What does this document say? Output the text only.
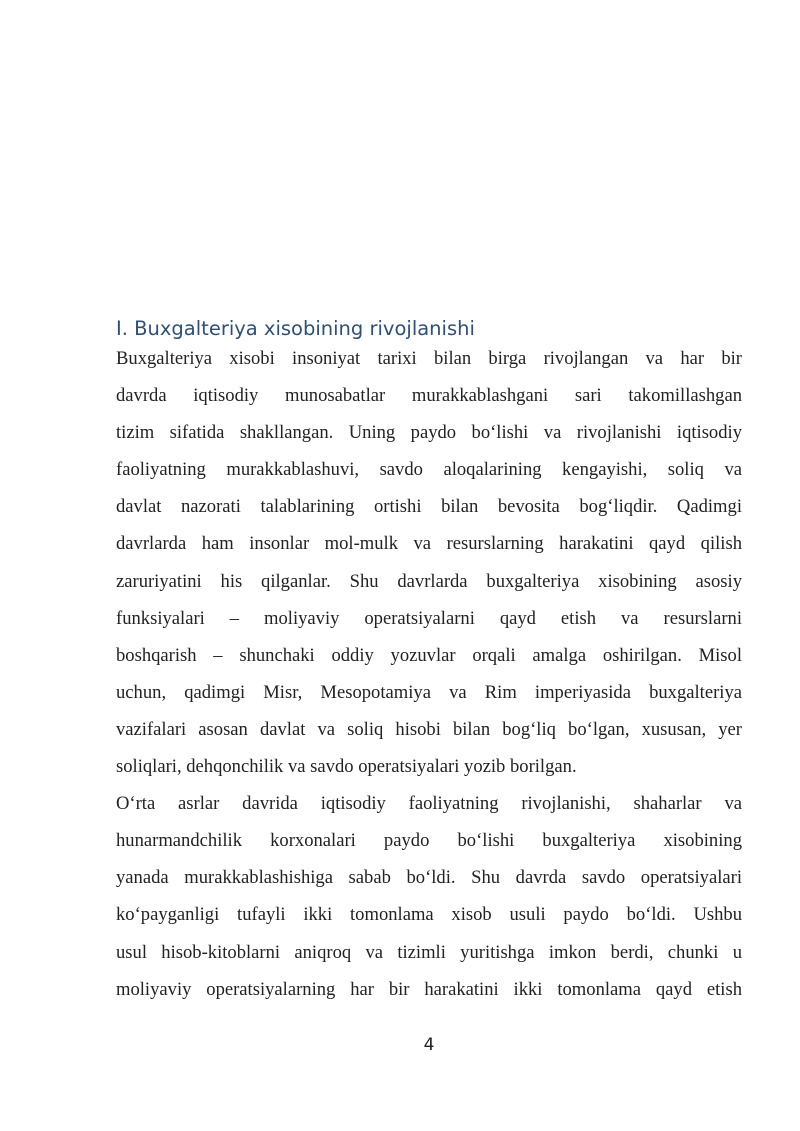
I. Buxgalteriya xisobining rivojlanishi

Buxgalteriya xisobi insoniyat tarixi bilan birga rivojlangan va har bir

davrda iqtisodiy munosabatlar murakkablashgani sari takomillashgan

tizim sifatida shakllangan. Uning paydo bo‘lishi va rivojlanishi iqtisodiy

faoliyatning murakkablashuvi, savdo aloqalarining kengayishi, soliq va

davlat nazorati talablarining ortishi bilan bevosita bog‘liqdir. Qadimgi

davrlarda ham insonlar mol-mulk va resurslarning harakatini qayd qilish

zaruriyatini his qilganlar. Shu davrlarda buxgalteriya xisobining asosiy

funksiyalari – moliyaviy operatsiyalarni qayd etish va resurslarni

boshqarish – shunchaki oddiy yozuvlar orqali amalga oshirilgan. Misol

uchun, qadimgi Misr, Mesopotamiya va Rim imperiyasida buxgalteriya

vazifalari asosan davlat va soliq hisobi bilan bog‘liq bo‘lgan, xususan, yer

soliqlari, dehqonchilik va savdo operatsiyalari yozib borilgan.

O‘rta asrlar davrida iqtisodiy faoliyatning rivojlanishi, shaharlar va

hunarmandchilik korxonalari paydo bo‘lishi buxgalteriya xisobining

yanada murakkablashishiga sabab bo‘ldi. Shu davrda savdo operatsiyalari

ko‘payganligi tufayli ikki tomonlama xisob usuli paydo bo‘ldi. Ushbu

usul hisob-kitoblarni aniqroq va tizimli yuritishga imkon berdi, chunki u

moliyaviy operatsiyalarning har bir harakatini ikki tomonlama qayd etish

4
